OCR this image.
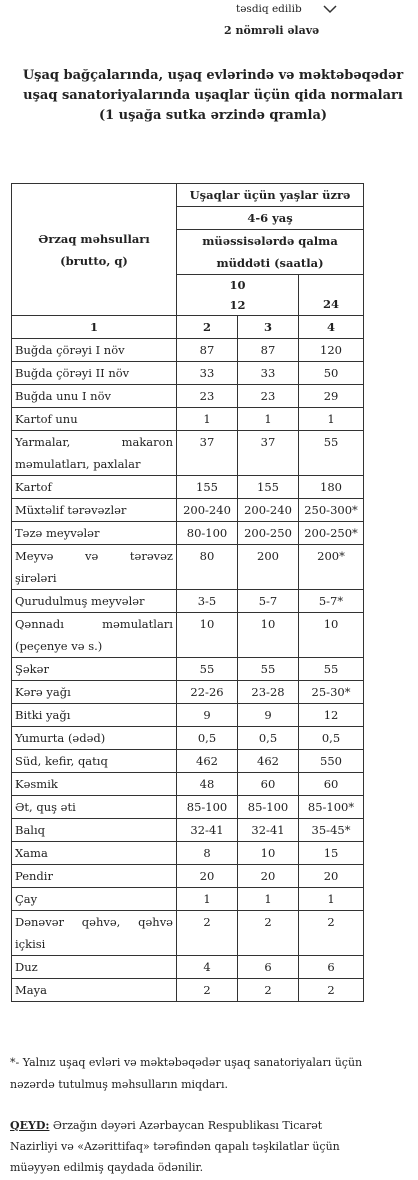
təsdiq edilib
2 nömrəli əlavə
Uşaq bağçalarında, uşaq evlərində və məktəbəqədər uşaq sanatoriyalarında uşaqlar üçün qida normaları (1 uşağa sutka ərzində qramla)
Ərzaq məhsulları
(brutto, q)	Uşaqlar üçün yaşlar üzrə		

	4-6 yaş		
	müəssisələrdə qalma müddəti (saatla)		

	10
12		24
1	2	3	4
Buğda çörəyi I növ	87	87	120
Buğda çörəyi II növ	33	33	50
Buğda unu I növ	23	23	29
Kartof unu	1	1	1

Yarmalar, makaron
məmulatları, paxlalar	37	37	55
Kartof	155	155	180
Müxtəlif tərəvəzlər	200-240	200-240	250-300*
Təzə meyvələr	80-100	200-250	200-250*

Meyvə və tərəvəz
şirələri	80	200	200*
Qurudulmuş meyvələr	3-5	5-7	5-7*

Qənnadı məmulatları
(peçenye və s.)	10	10	10
Şəkər	55	55	55
Kərə yağı	22-26	23-28	25-30*
Bitki yağı	9	9	12
Yumurta (ədəd)	0,5	0,5	0,5
Süd, kefir, qatıq	462	462	550
Kəsmik	48	60	60
Ət, quş əti	85-100	85-100	85-100*
Balıq	32-41	32-41	35-45*
Xama	8	10	15
Pendir	20	20	20
Çay	1	1	1

Dənəvər qəhvə, qəhvə
içkisi	2	2	2
Duz	4	6	6
Maya	2	2	2
*- Yalnız uşaq evləri və məktəbəqədər uşaq sanatoriyaları üçün nəzərdə tutulmuş məhsulların miqdarı.
QEYD: Ərzağın dəyəri Azərbaycan Respublikası Ticarət Nazirliyi və «Azərittifaq» tərəfindən qapalı təşkilatlar üçün müəyyən edilmiş qaydada ödənilir.
